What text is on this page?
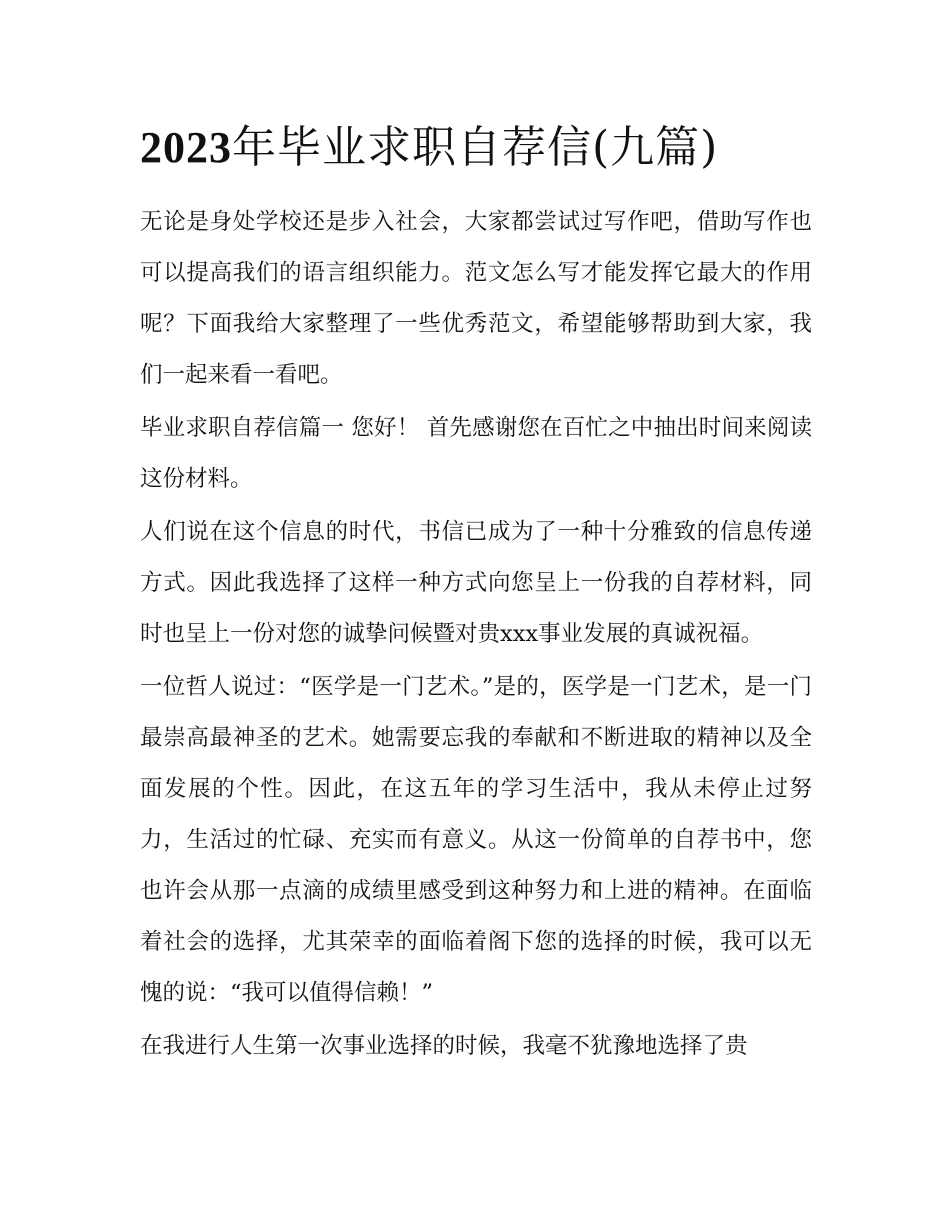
2023年毕业求职自荐信(九篇)

无论是身处学校还是步入社会，大家都尝试过写作吧，借助写作也可以提高我们的语言组织能力。范文怎么写才能发挥它最大的作用呢？下面我给大家整理了一些优秀范文，希望能够帮助到大家，我们一起来看一看吧。

毕业求职自荐信篇一 您好！ 首先感谢您在百忙之中抽出时间来阅读这份材料。

人们说在这个信息的时代，书信已成为了一种十分雅致的信息传递方式。因此我选择了这样一种方式向您呈上一份我的自荐材料，同时也呈上一份对您的诚挚问候暨对贵xxx事业发展的真诚祝福。

一位哲人说过：“医学是一门艺术。”是的，医学是一门艺术，是一门最崇高最神圣的艺术。她需要忘我的奉献和不断进取的精神以及全面发展的个性。因此，在这五年的学习生活中，我从未停止过努力，生活过的忙碌、充实而有意义。从这一份简单的自荐书中，您也许会从那一点滴的成绩里感受到这种努力和上进的精神。在面临着社会的选择，尤其荣幸的面临着阁下您的选择的时候，我可以无愧的说：“我可以值得信赖！”

在我进行人生第一次事业选择的时候，我毫不犹豫地选择了贵
